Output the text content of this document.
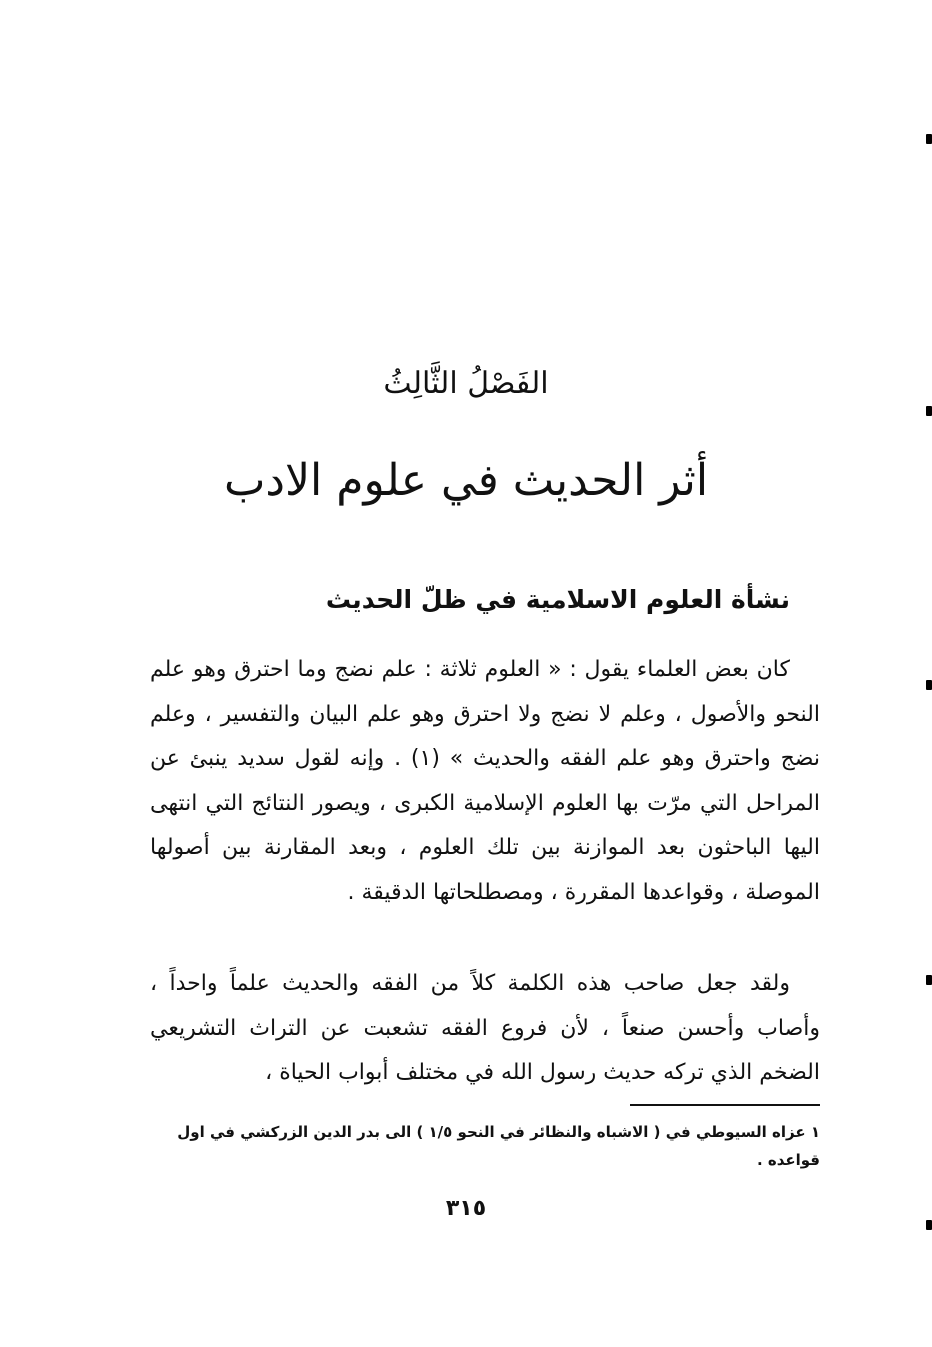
الفَصْلُ الثَّالِثُ
أثر الحديث في علوم الادب
نشأة العلوم الاسلامية في ظلّ الحديث

كان بعض العلماء يقول : « العلوم ثلاثة : علم نضج وما احترق وهو علم النحو والأصول ، وعلم لا نضج ولا احترق وهو علم البيان والتفسير ، وعلم نضج واحترق وهو علم الفقه والحديث » (١) . وإنه لقول سديد ينبئ عن المراحل التي مرّت بها العلوم الإسلامية الكبرى ، ويصور النتائج التي انتهى اليها الباحثون بعد الموازنة بين تلك العلوم ، وبعد المقارنة بين أصولها الموصلة ، وقواعدها المقررة ، ومصطلحاتها الدقيقة .

ولقد جعل صاحب هذه الكلمة كلاً من الفقه والحديث علماً واحداً ، وأصاب وأحسن صنعاً ، لأن فروع الفقه تشعبت عن التراث التشريعي الضخم الذي تركه حديث رسول الله في مختلف أبواب الحياة ،

١ عزاه السيوطي في ( الاشباه والنظائر في النحو ١/٥ ) الى بدر الدين الزركشي في اول قواعده .
٣١٥
